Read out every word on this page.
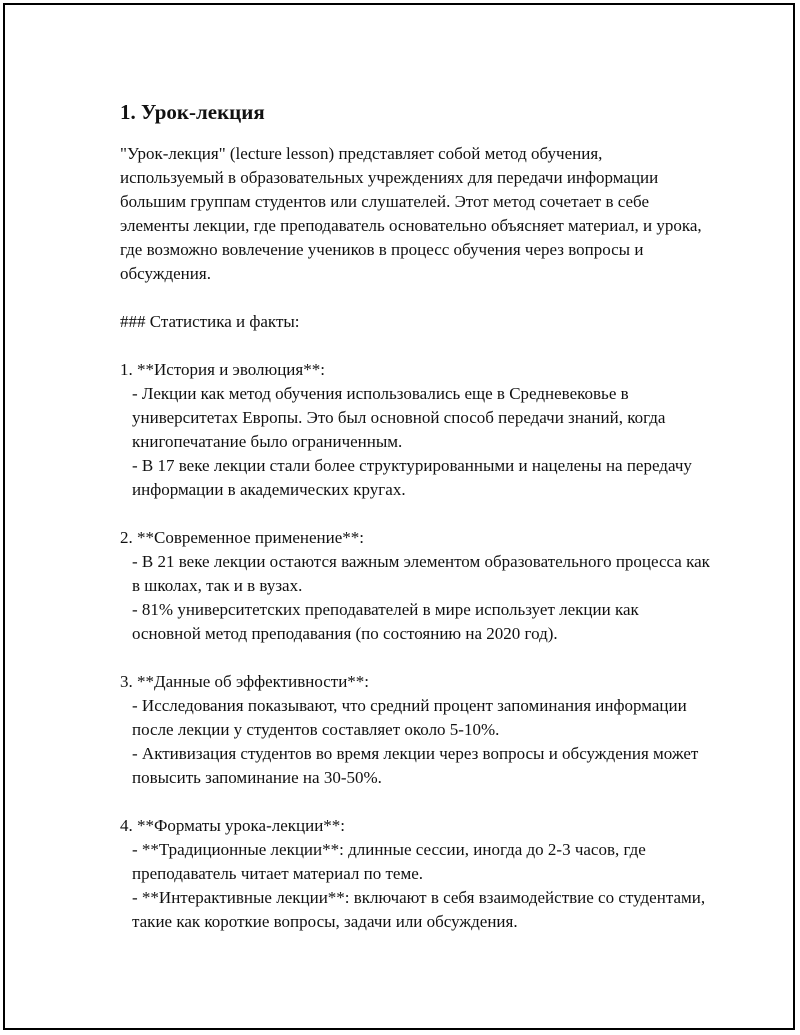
1. Урок-лекция

"Урок-лекция" (lecture lesson) представляет собой метод обучения, используемый в образовательных учреждениях для передачи информации большим группам студентов или слушателей. Этот метод сочетает в себе элементы лекции, где преподаватель основательно объясняет материал, и урока, где возможно вовлечение учеников в процесс обучения через вопросы и обсуждения.

### Статистика и факты:

1. **История и эволюция**:

- Лекции как метод обучения использовались еще в Средневековье в университетах Европы. Это был основной способ передачи знаний, когда книгопечатание было ограниченным.

- В 17 веке лекции стали более структурированными и нацелены на передачу информации в академических кругах.

2. **Современное применение**:

- В 21 веке лекции остаются важным элементом образовательного процесса как в школах, так и в вузах.

- 81% университетских преподавателей в мире использует лекции как основной метод преподавания (по состоянию на 2020 год).

3. **Данные об эффективности**:

- Исследования показывают, что средний процент запоминания информации после лекции у студентов составляет около 5-10%.

- Активизация студентов во время лекции через вопросы и обсуждения может повысить запоминание на 30-50%.

4. **Форматы урока-лекции**:

- **Традиционные лекции**: длинные сессии, иногда до 2-3 часов, где преподаватель читает материал по теме.

- **Интерактивные лекции**: включают в себя взаимодействие со студентами, такие как короткие вопросы, задачи или обсуждения.
